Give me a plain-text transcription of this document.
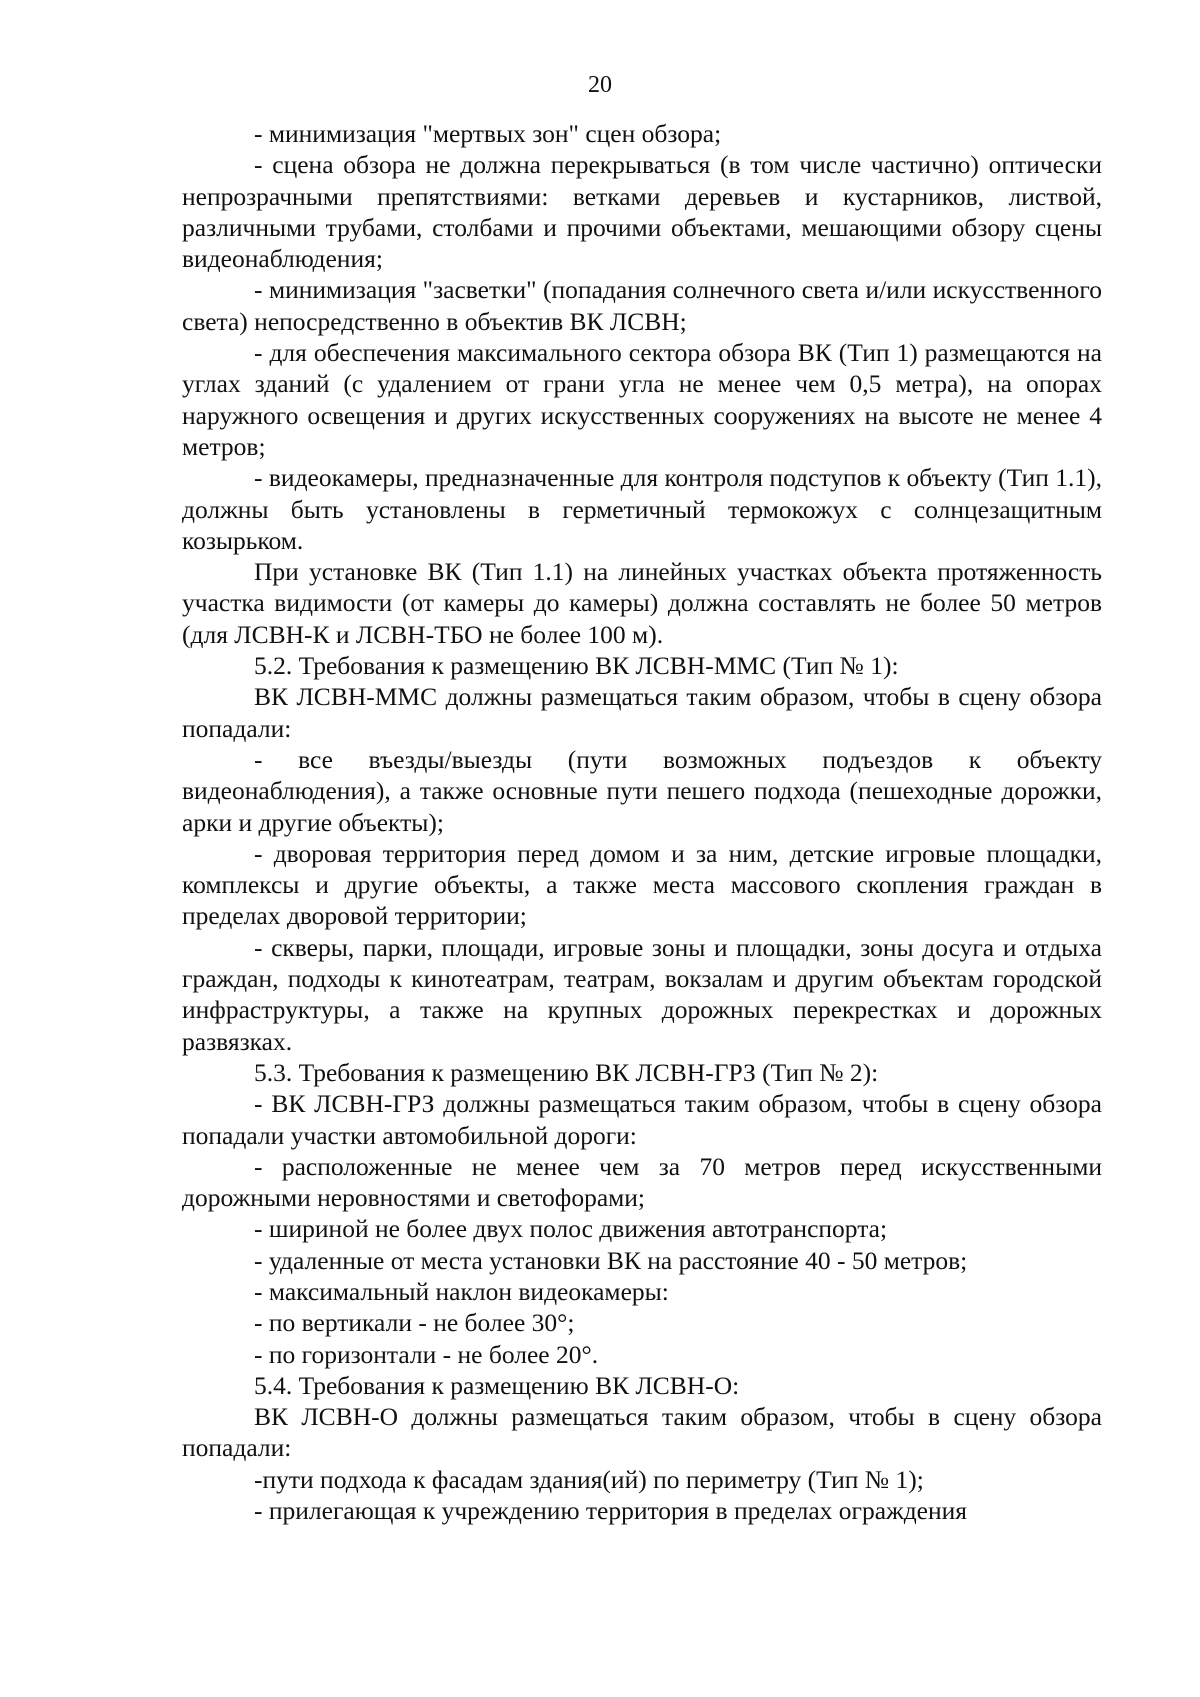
20

- минимизация "мертвых зон" сцен обзора;

- сцена обзора не должна перекрываться (в том числе частично) оптически непрозрачными препятствиями: ветками деревьев и кустарников, листвой, различными трубами, столбами и прочими объектами, мешающими обзору сцены видеонаблюдения;

- минимизация "засветки" (попадания солнечного света и/или искусственного света) непосредственно в объектив ВК ЛСВН;

- для обеспечения максимального сектора обзора ВК (Тип 1) размещаются на углах зданий (с удалением от грани угла не менее чем 0,5 метра), на опорах наружного освещения и других искусственных сооружениях на высоте не менее 4 метров;

- видеокамеры, предназначенные для контроля подступов к объекту (Тип 1.1), должны быть установлены в герметичный термокожух с солнцезащитным козырьком.

При установке ВК (Тип 1.1) на линейных участках объекта протяженность участка видимости (от камеры до камеры) должна составлять не более 50 метров (для ЛСВН-К и ЛСВН-ТБО не более 100 м).

5.2. Требования к размещению ВК ЛСВН-ММС (Тип № 1):

ВК ЛСВН-ММС должны размещаться таким образом, чтобы в сцену обзора попадали:

- все въезды/выезды (пути возможных подъездов к объекту видеонаблюдения), а также основные пути пешего подхода (пешеходные дорожки, арки и другие объекты);

- дворовая территория перед домом и за ним, детские игровые площадки, комплексы и другие объекты, а также места массового скопления граждан в пределах дворовой территории;

- скверы, парки, площади, игровые зоны и площадки, зоны досуга и отдыха граждан, подходы к кинотеатрам, театрам, вокзалам и другим объектам городской инфраструктуры, а также на крупных дорожных перекрестках и дорожных развязках.

5.3. Требования к размещению ВК ЛСВН-ГРЗ (Тип № 2):

- ВК ЛСВН-ГРЗ должны размещаться таким образом, чтобы в сцену обзора попадали участки автомобильной дороги:

- расположенные не менее чем за 70 метров перед искусственными дорожными неровностями и светофорами;

- шириной не более двух полос движения автотранспорта;

- удаленные от места установки ВК на расстояние 40 - 50 метров;

- максимальный наклон видеокамеры:

- по вертикали - не более 30°;

- по горизонтали - не более 20°.

5.4. Требования к размещению ВК ЛСВН-О:

ВК ЛСВН-О должны размещаться таким образом, чтобы в сцену обзора попадали:

-пути подхода к фасадам здания(ий) по периметру (Тип № 1);

- прилегающая к учреждению территория в пределах ограждения
